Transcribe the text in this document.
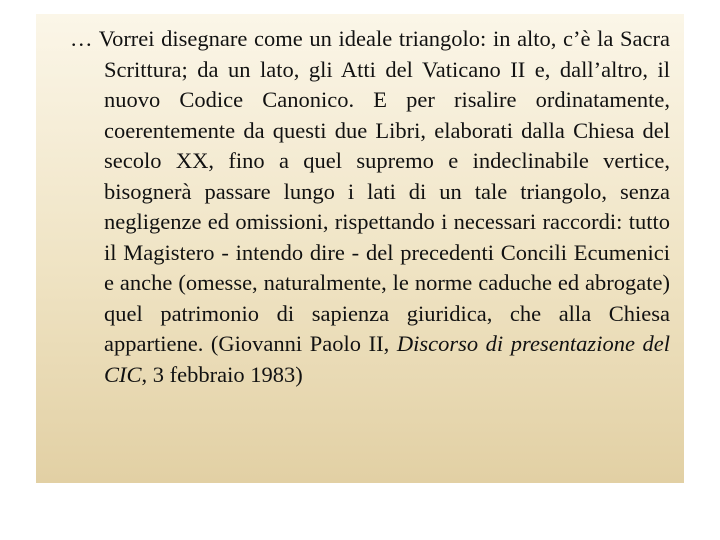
… Vorrei disegnare come un ideale triangolo: in alto, c’è la Sacra Scrittura; da un lato, gli Atti del Vaticano II e, dall’altro, il nuovo Codice Canonico. E per risalire ordinatamente, coerentemente da questi due Libri, elaborati dalla Chiesa del secolo XX, fino a quel supremo e indeclinabile vertice, bisognerà passare lungo i lati di un tale triangolo, senza negligenze ed omissioni, rispettando i necessari raccordi: tutto il Magistero - intendo dire - del precedenti Concili Ecumenici e anche (omesse, naturalmente, le norme caduche ed abrogate) quel patrimonio di sapienza giuridica, che alla Chiesa appartiene. (Giovanni Paolo II, Discorso di presentazione del CIC, 3 febbraio 1983)
